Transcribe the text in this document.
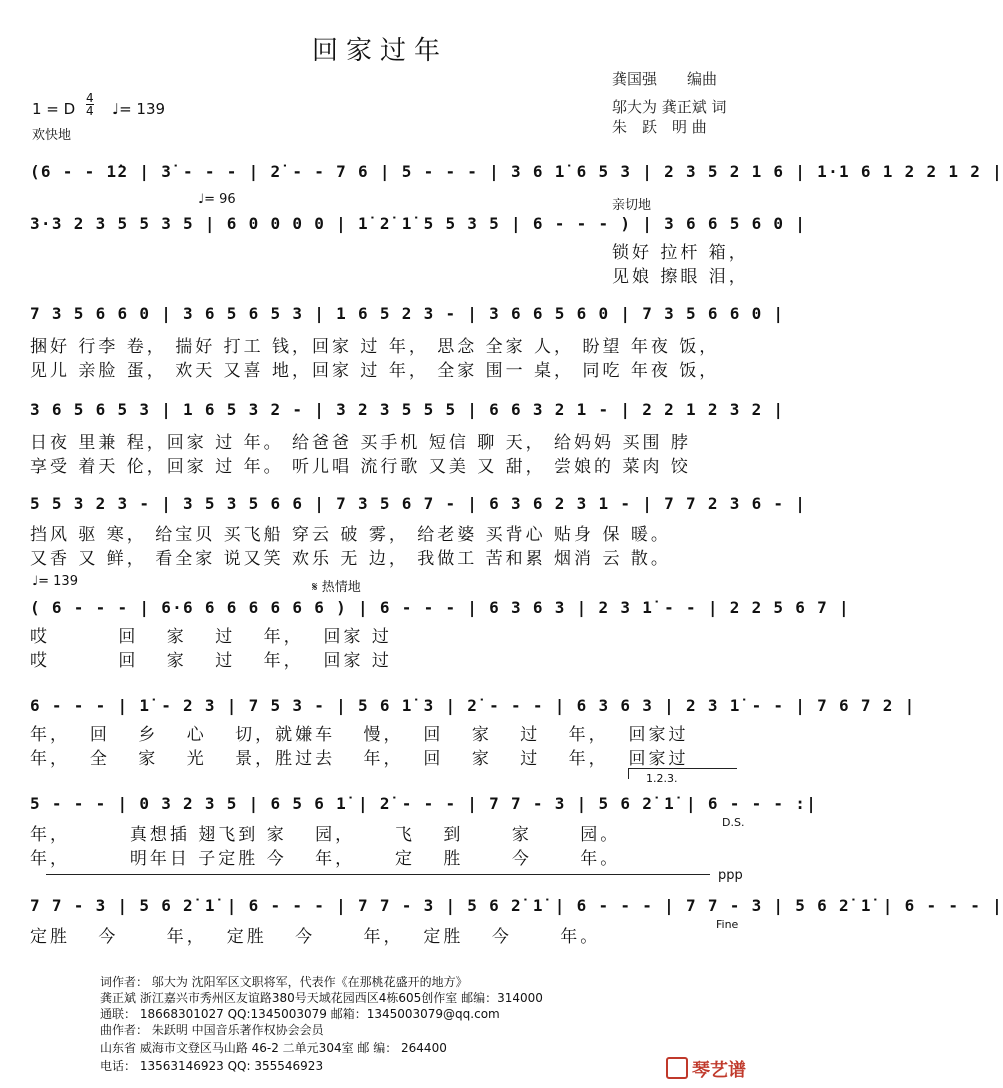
回家过年
龚国强　　编曲
邬大为 龚正斌 词
朱　跃　明 曲
1 = D
4
4 ♩= 139
欢快地
(6 - - 1̇2 | 3̇ - - - | 2̇ - - 7 6 | 5 - - - | 3 6 1̇ 6 5 3 | 2 3 5 2 1 6 | 1·1 6 1 2 2 1 2 |
♩= 96	亲切地
3·3 2 3 5 5 3 5 | 6 0 0 0 0 | 1̇ 2̇ 1̇ 5 5 3 5 | 6 - - - ) | 3 6 6 5 6 0 |
锁好 拉杆 箱，
见娘 擦眼 泪，
7 3 5 6 6 0 | 3 6 5 6 5 3 | 1 6 5 2 3 - | 3 6 6 5 6 0 | 7 3 5 6 6 0 |
捆好 行李 卷， 揣好 打工 钱，回家 过 年， 思念 全家 人， 盼望 年夜 饭，
见儿 亲脸 蛋， 欢天 又喜 地，回家 过 年， 全家 围一 桌， 同吃 年夜 饭，
3 6 5 6 5 3 | 1 6 5 3 2 - | 3 2 3 5 5 5 | 6 6 3 2 1 - | 2 2 1 2 3 2 |
日夜 里兼 程，回家 过 年。 给爸爸 买手机 短信 聊 天， 给妈妈 买围 脖
享受 着天 伦，回家 过 年。 听儿唱 流行歌 又美 又 甜， 尝娘的 菜肉 饺
5 5 3 2 3 - | 3 5 3 5 6 6 | 7 3 5 6 7 - | 6 3 6 2 3 1 - | 7 7 2 3 6 - |
挡风 驱 寒， 给宝贝 买飞船 穿云 破 雾， 给老婆 买背心 贴身 保 暖。
又香 又 鲜， 看全家 说又笑 欢乐 无 边， 我做工 苦和累 烟消 云 散。
♩= 139	𝄋 热情地
( 6 - - - | 6·6 6 6 6 6 6 6 ) | 6 - - - | 6 3 6 3 | 2 3 1̇ - - | 2 2 5 6 7 |
哎　　　 回　 家　 过　 年，　 回家 过
哎　　　 回　 家　 过　 年，　 回家 过
6 - - - | 1̇ - 2 3 | 7 5 3 - | 5 6 1̇ 3 | 2̇ - - - | 6 3 6 3 | 2 3 1̇ - - | 7 6 7 2 |
年，　 回　 乡　 心　 切，就嫌车　 慢，　 回　 家　 过　 年，　 回家过
年，　 全　 家　 光　 景，胜过去　 年，　 回　 家　 过　 年，　 回家过
1.2.3.
5 - - - | 0 3 2 3 5 | 6 5 6 1̇ | 2̇ - - - | 7 7 - 3 | 5 6 2̇ 1̇ | 6 - - - :|
D.S.
年，　　　 真想插 翅飞到 家　 园，　　 飞　 到　　 家　　 园。
年，　　　 明年日 子定胜 今　 年，　　 定　 胜　　 今　　 年。
ppp
7 7 - 3 | 5 6 2̇ 1̇ | 6 - - - | 7 7 - 3 | 5 6 2̇ 1̇ | 6 - - - | 7 7 - 3 | 5 6 2̇ 1̇ | 6 - - - |
Fine
定胜　 今　　 年，　 定胜　 今　　 年，　 定胜　 今　　 年。
词作者： 邬大为 沈阳军区文职将军，代表作《在那桃花盛开的地方》
龚正斌 浙江嘉兴市秀州区友谊路380号天域花园西区4栋605创作室 邮编：314000
通联： 18668301027 QQ:1345003079 邮箱：1345003079@qq.com
曲作者： 朱跃明 中国音乐著作权协会会员
山东省 威海市文登区马山路 46-2 二单元304室 邮 编： 264400
电话： 13563146923 QQ: 355546923	琴艺谱
